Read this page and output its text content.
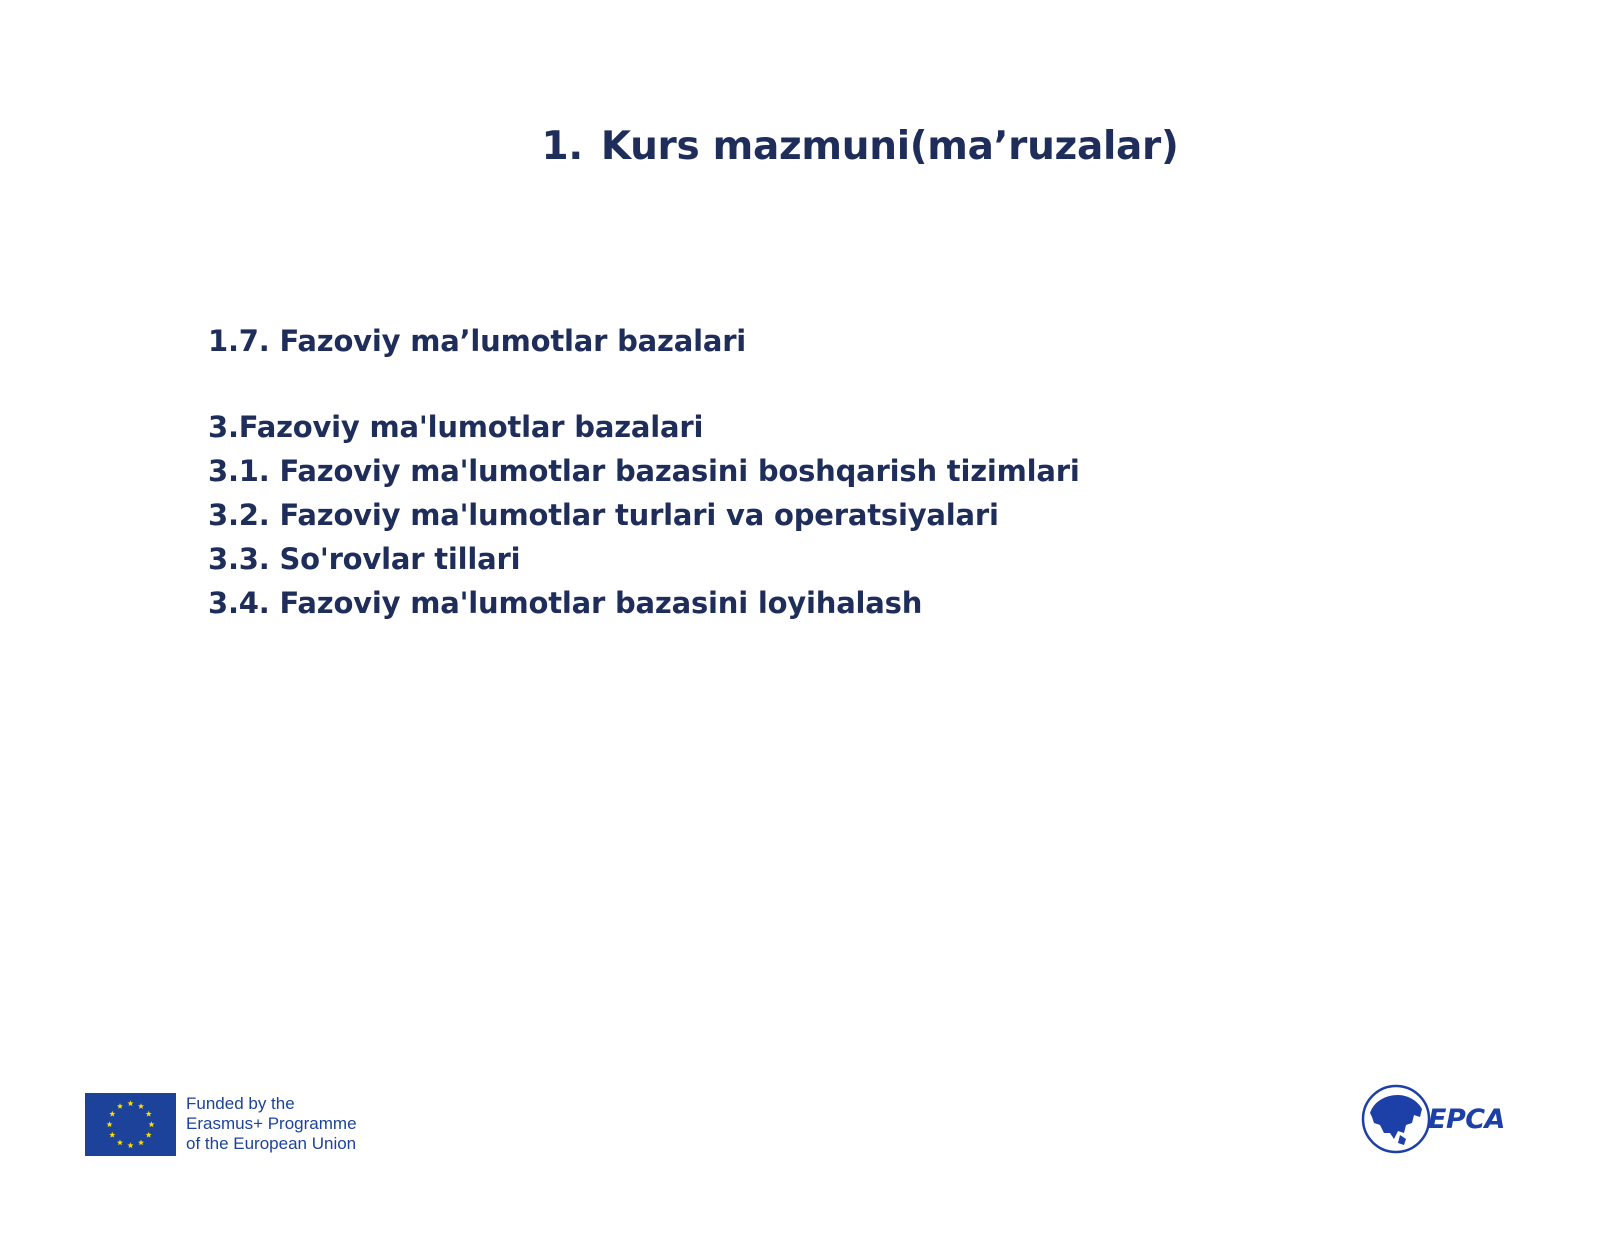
1. Kurs mazmuni(ma’ruzalar)
1.7. Fazoviy ma’lumotlar bazalari
3.Fazoviy ma'lumotlar bazalari
3.1. Fazoviy ma'lumotlar bazasini boshqarish tizimlari
3.2. Fazoviy ma'lumotlar turlari va operatsiyalari
3.3. So'rovlar tillari
3.4. Fazoviy ma'lumotlar bazasini loyihalash
Funded by the
Erasmus+ Programme
of the European Union
EPCA
